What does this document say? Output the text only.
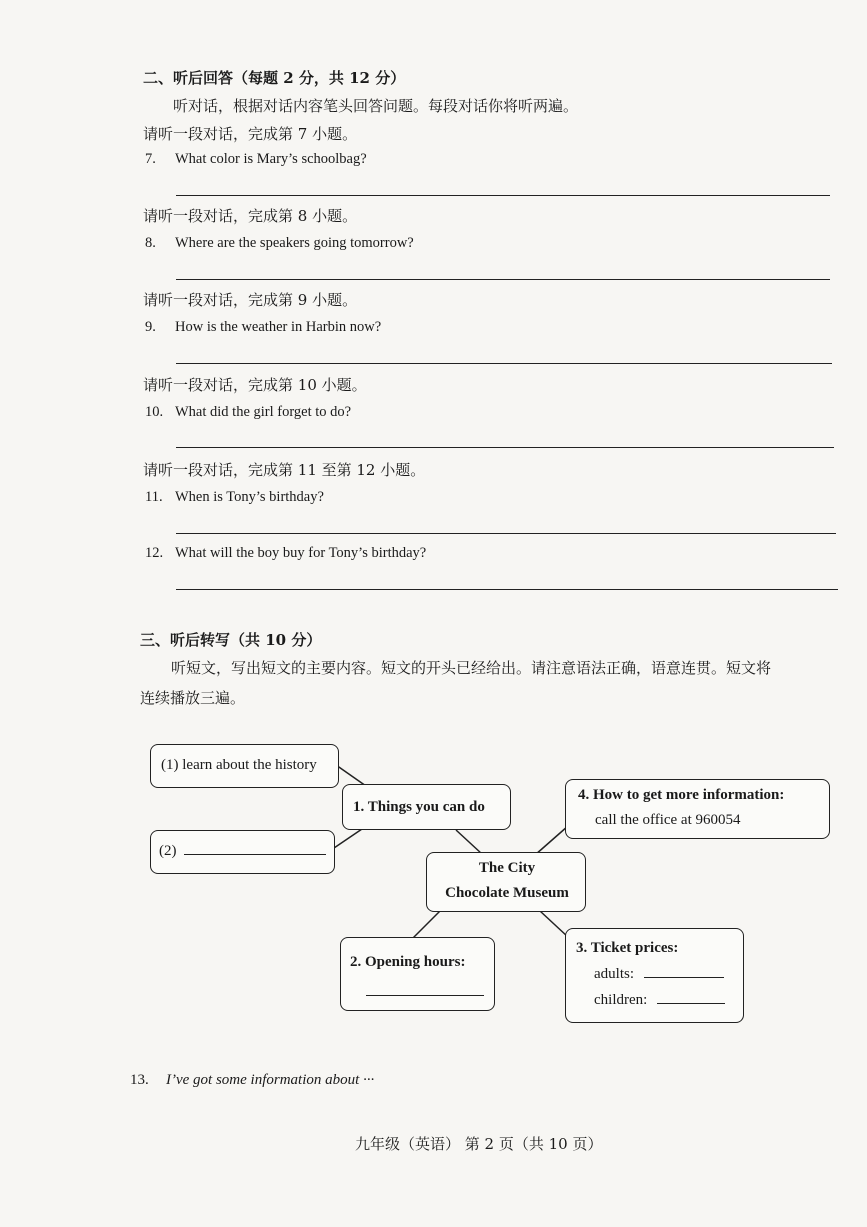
二、听后回答（每题 2 分，共 12 分）
听对话，根据对话内容笔头回答问题。每段对话你将听两遍。
请听一段对话，完成第 7 小题。
7. What color is Mary’s schoolbag?
请听一段对话，完成第 8 小题。
8. Where are the speakers going tomorrow?
请听一段对话，完成第 9 小题。
9. How is the weather in Harbin now?
请听一段对话，完成第 10 小题。
10. What did the girl forget to do?
请听一段对话，完成第 11 至第 12 小题。
11. When is Tony’s birthday?
12. What will the boy buy for Tony’s birthday?
三、听后转写（共 10 分）
听短文，写出短文的主要内容。短文的开头已经给出。请注意语法正确，语意连贯。短文将
连续播放三遍。
(1) learn about the history
(2)
1. Things you can do
4. How to get more information:
call the office at 960054
The City
Chocolate Museum
2. Opening hours:
3. Ticket prices:
adults:
children:
13. I’ve got some information about ···
九年级（英语） 第 2 页（共 10 页）
